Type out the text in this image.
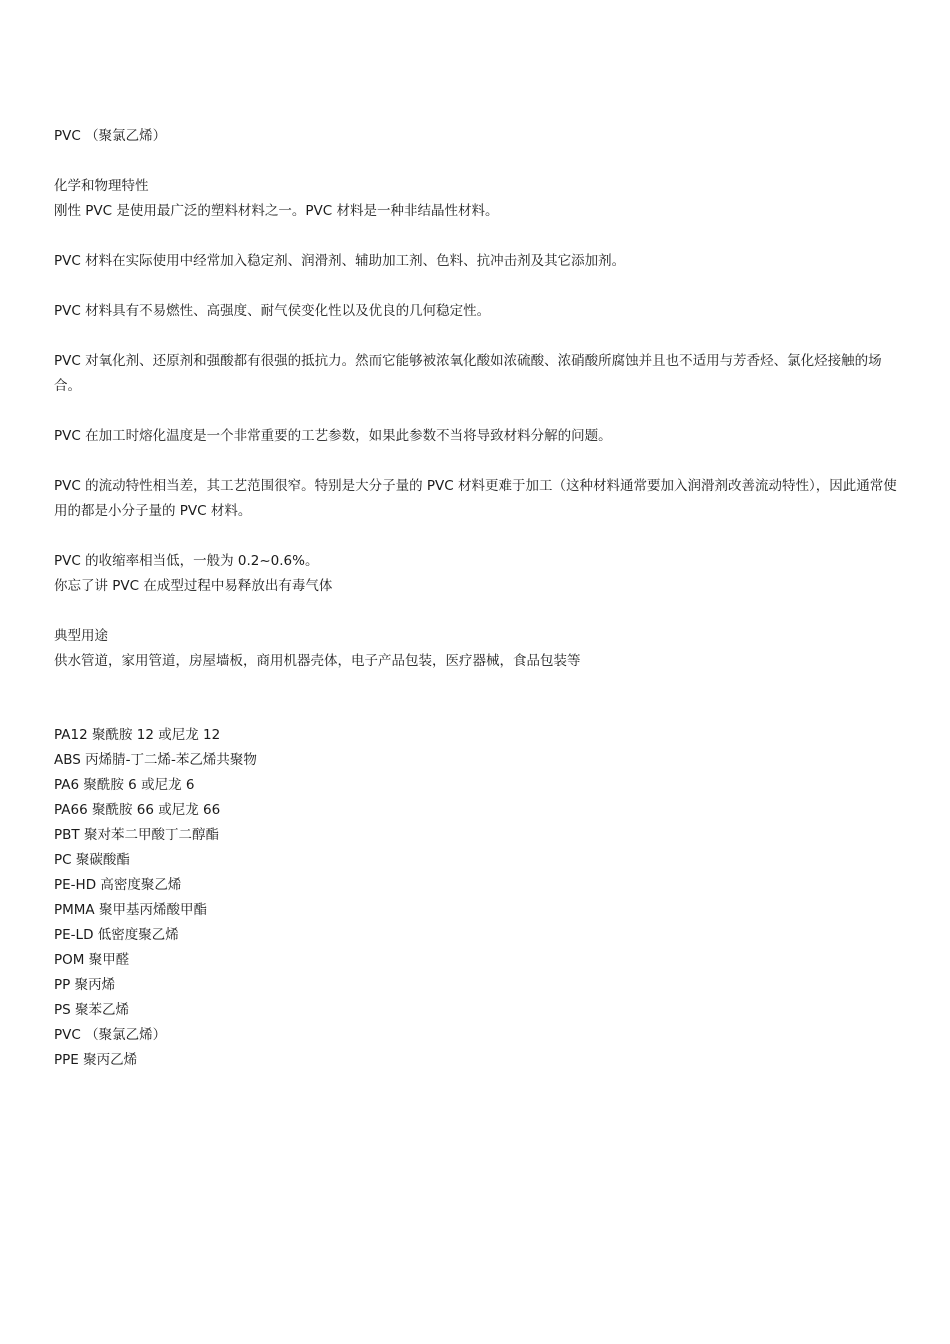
PVC （聚氯乙烯）

化学和物理特性

刚性 PVC 是使用最广泛的塑料材料之一。PVC 材料是一种非结晶性材料。

PVC 材料在实际使用中经常加入稳定剂、润滑剂、辅助加工剂、色料、抗冲击剂及其它添加剂。

PVC 材料具有不易燃性、高强度、耐气侯变化性以及优良的几何稳定性。

PVC 对氧化剂、还原剂和强酸都有很强的抵抗力。然而它能够被浓氧化酸如浓硫酸、浓硝酸所腐蚀并且也不适用与芳香烃、氯化烃接触的场合。

PVC 在加工时熔化温度是一个非常重要的工艺参数，如果此参数不当将导致材料分解的问题。

PVC 的流动特性相当差，其工艺范围很窄。特别是大分子量的 PVC 材料更难于加工（这种材料通常要加入润滑剂改善流动特性），因此通常使用的都是小分子量的 PVC 材料。

PVC 的收缩率相当低，一般为 0.2~0.6%。

你忘了讲 PVC 在成型过程中易释放出有毒气体

典型用途

供水管道，家用管道，房屋墙板，商用机器壳体，电子产品包装，医疗器械，食品包装等

PA12 聚酰胺 12 或尼龙 12

ABS 丙烯腈-丁二烯-苯乙烯共聚物

PA6 聚酰胺 6 或尼龙 6

PA66 聚酰胺 66 或尼龙 66

PBT 聚对苯二甲酸丁二醇酯

PC 聚碳酸酯

PE-HD 高密度聚乙烯

PMMA 聚甲基丙烯酸甲酯

PE-LD 低密度聚乙烯

POM 聚甲醛

PP 聚丙烯

PS 聚苯乙烯

PVC （聚氯乙烯）

PPE 聚丙乙烯
